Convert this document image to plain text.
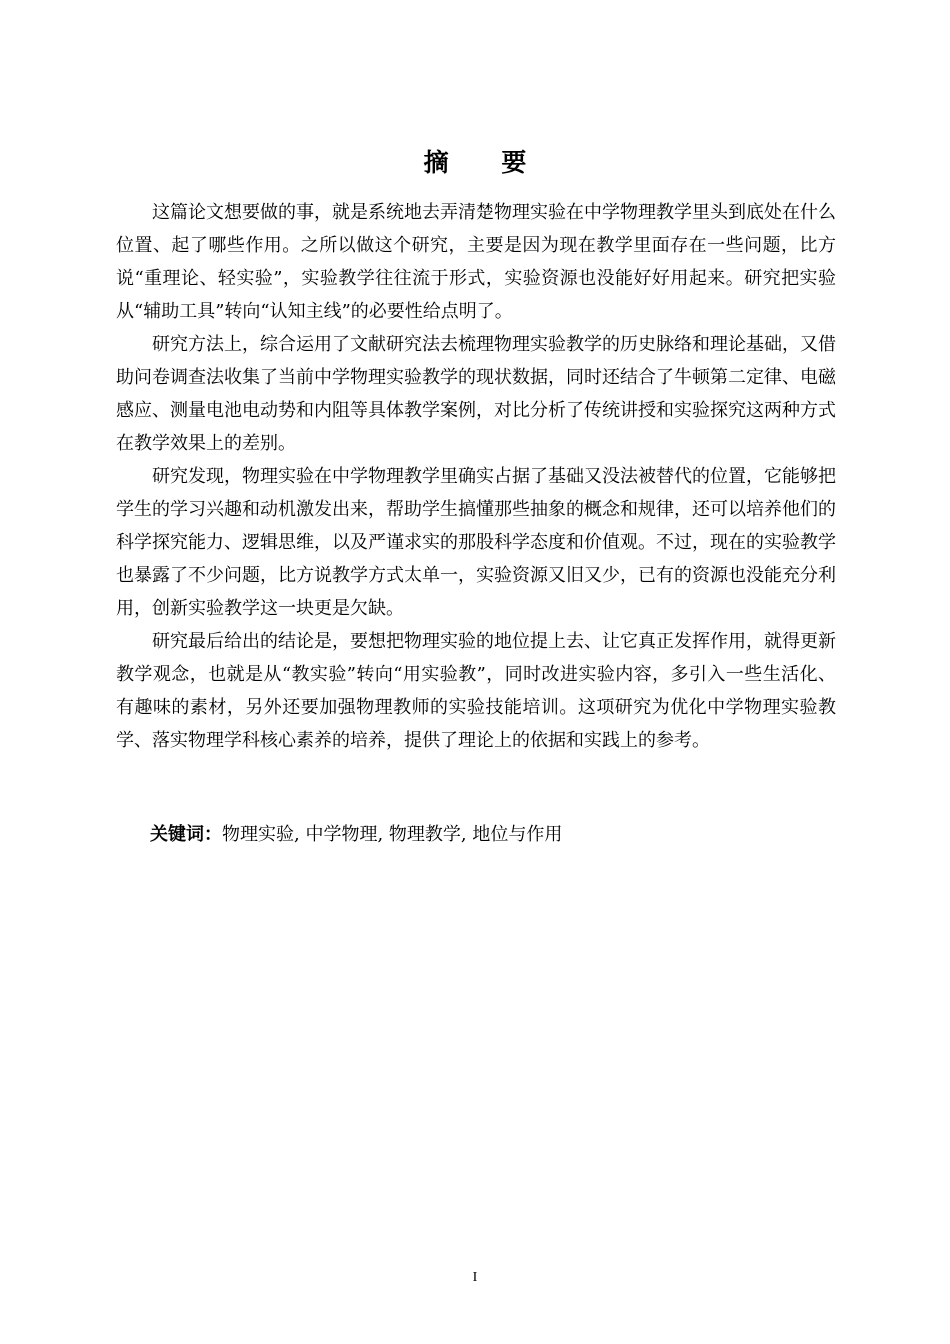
摘 要

这篇论文想要做的事，就是系统地去弄清楚物理实验在中学物理教学里头到底处在什么位置、起了哪些作用。之所以做这个研究，主要是因为现在教学里面存在一些问题，比方说“重理论、轻实验”，实验教学往往流于形式，实验资源也没能好好用起来。研究把实验从“辅助工具”转向“认知主线”的必要性给点明了。

研究方法上，综合运用了文献研究法去梳理物理实验教学的历史脉络和理论基础，又借助问卷调查法收集了当前中学物理实验教学的现状数据，同时还结合了牛顿第二定律、电磁感应、测量电池电动势和内阻等具体教学案例，对比分析了传统讲授和实验探究这两种方式在教学效果上的差别。

研究发现，物理实验在中学物理教学里确实占据了基础又没法被替代的位置，它能够把学生的学习兴趣和动机激发出来，帮助学生搞懂那些抽象的概念和规律，还可以培养他们的科学探究能力、逻辑思维，以及严谨求实的那股科学态度和价值观。不过，现在的实验教学也暴露了不少问题，比方说教学方式太单一，实验资源又旧又少，已有的资源也没能充分利用，创新实验教学这一块更是欠缺。

研究最后给出的结论是，要想把物理实验的地位提上去、让它真正发挥作用，就得更新教学观念，也就是从“教实验”转向“用实验教”，同时改进实验内容，多引入一些生活化、有趣味的素材，另外还要加强物理教师的实验技能培训。这项研究为优化中学物理实验教学、落实物理学科核心素养的培养，提供了理论上的依据和实践上的参考。

关键词：物理实验, 中学物理, 物理教学, 地位与作用
I
